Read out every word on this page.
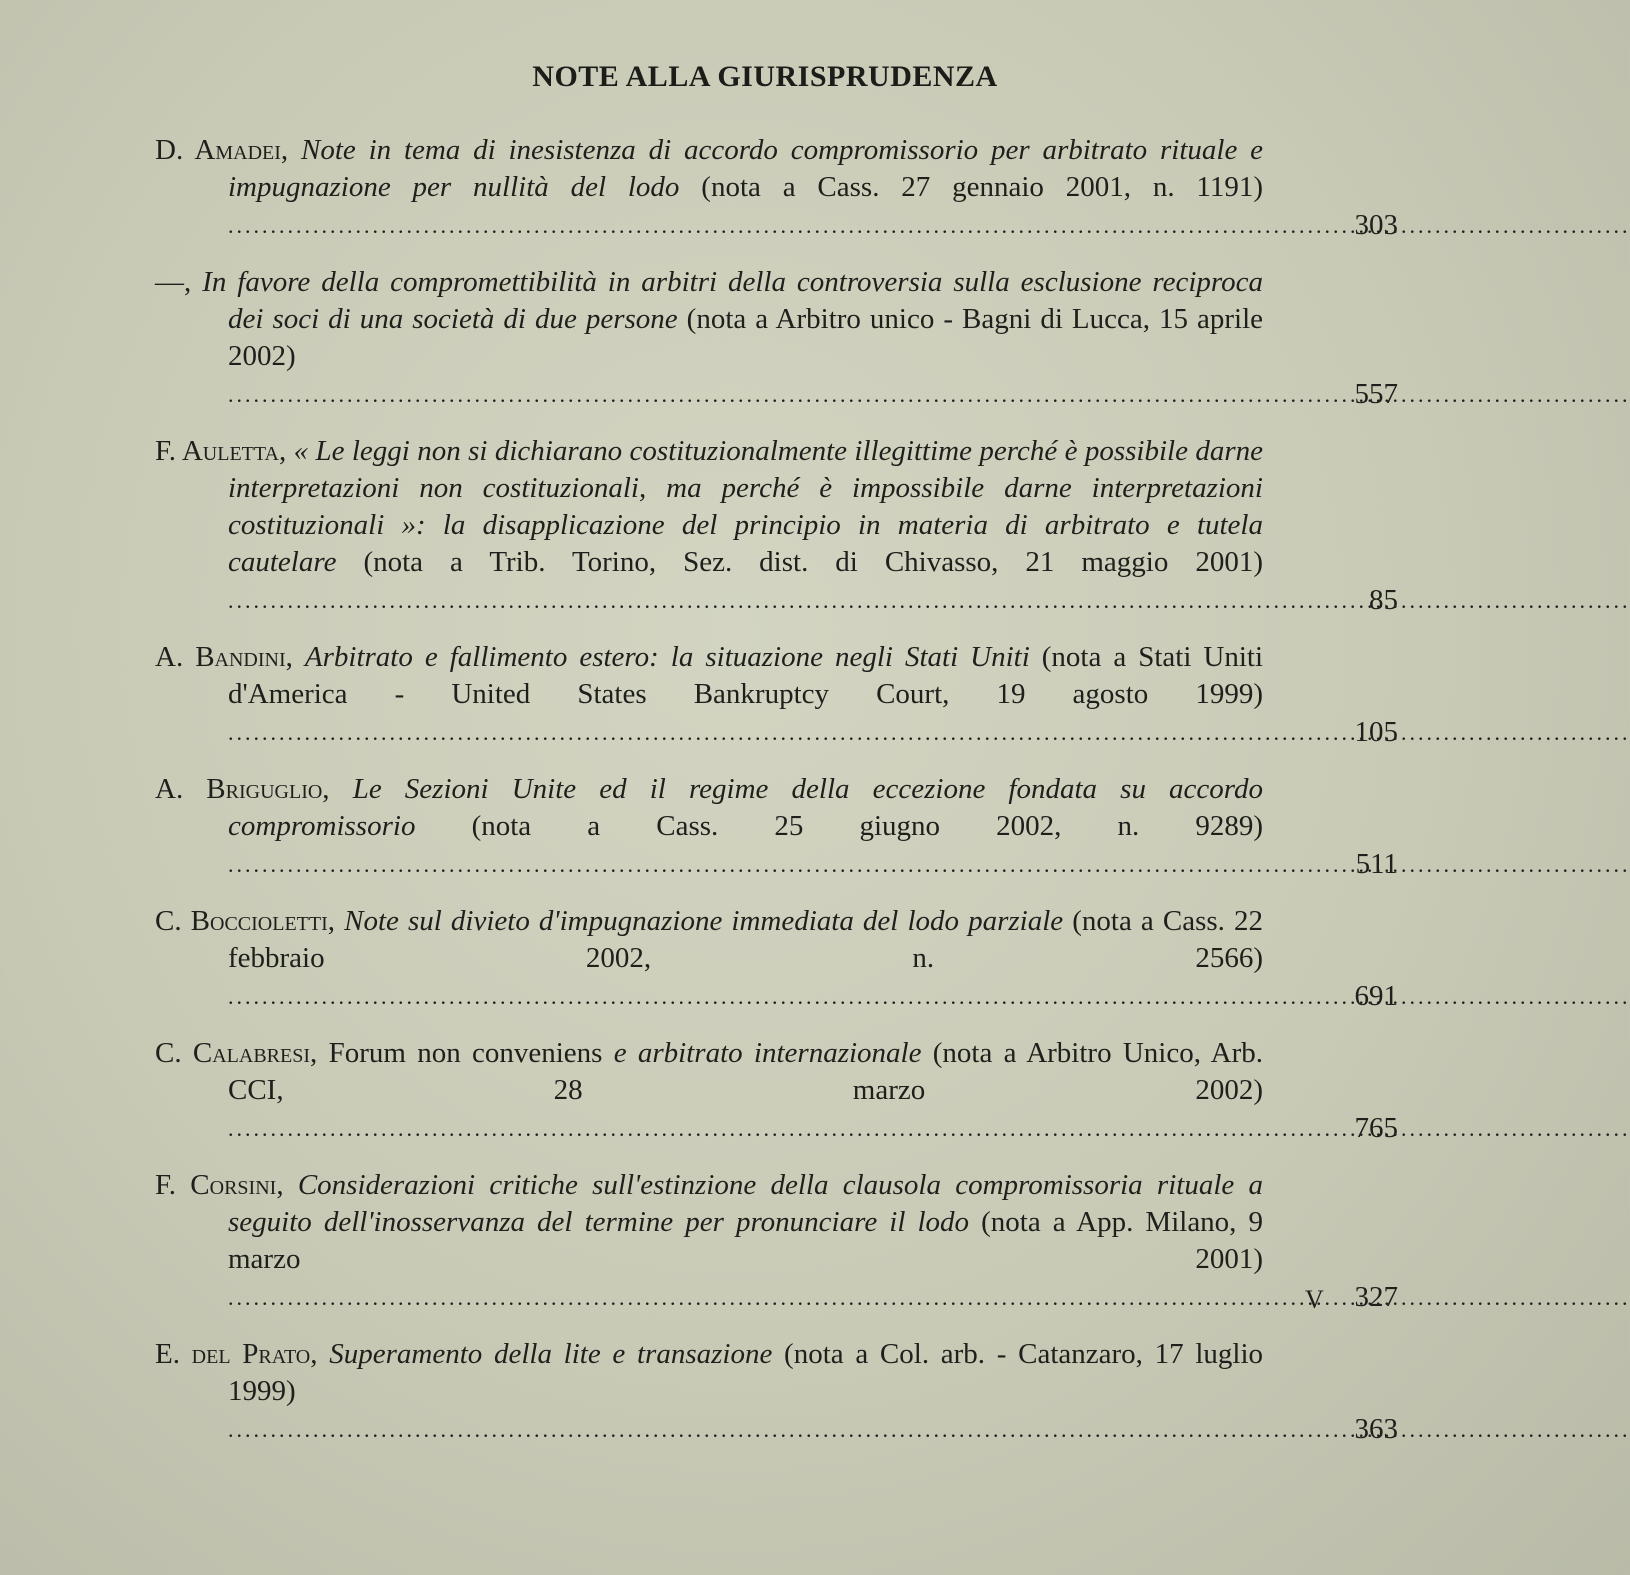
NOTE ALLA GIURISPRUDENZA
D. Amadei, Note in tema di inesistenza di accordo compromissorio per arbitrato rituale e impugnazione per nullità del lodo (nota a Cass. 27 gennaio 2001, n. 1191) ................................................................................ .....	303
—, In favore della compromettibilità in arbitri della controversia sulla esclusione reciproca dei soci di una società di due persone (nota a Arbitro unico - Bagni di Lucca, 15 aprile 2002) ................................................................................ .....	557
F. Auletta, « Le leggi non si dichiarano costituzionalmente illegittime perché è possibile darne interpretazioni non costituzionali, ma perché è impossibile darne interpretazioni costituzionali »: la disapplicazione del principio in materia di arbitrato e tutela cautelare (nota a Trib. Torino, Sez. dist. di Chivasso, 21 maggio 2001) ................................................................................ .....	85
A. Bandini, Arbitrato e fallimento estero: la situazione negli Stati Uniti (nota a Stati Uniti d'America - United States Bankruptcy Court, 19 agosto 1999) ................................................................................ .....	105
A. Briguglio, Le Sezioni Unite ed il regime della eccezione fondata su accordo compromissorio (nota a Cass. 25 giugno 2002, n. 9289) ................................................................................ .....	511
C. Boccioletti, Note sul divieto d'impugnazione immediata del lodo parziale (nota a Cass. 22 febbraio 2002, n. 2566) ................................................................................ .....	691
C. Calabresi, Forum non conveniens e arbitrato internazionale (nota a Arbitro Unico, Arb. CCI, 28 marzo 2002) ................................................................................ .....	765
F. Corsini, Considerazioni critiche sull'estinzione della clausola compromissoria rituale a seguito dell'inosservanza del termine per pronunciare il lodo (nota a App. Milano, 9 marzo 2001) ................................................................................ .....	327
E. del Prato, Superamento della lite e transazione (nota a Col. arb. - Catanzaro, 17 luglio 1999) ................................................................................ .....	363
V
